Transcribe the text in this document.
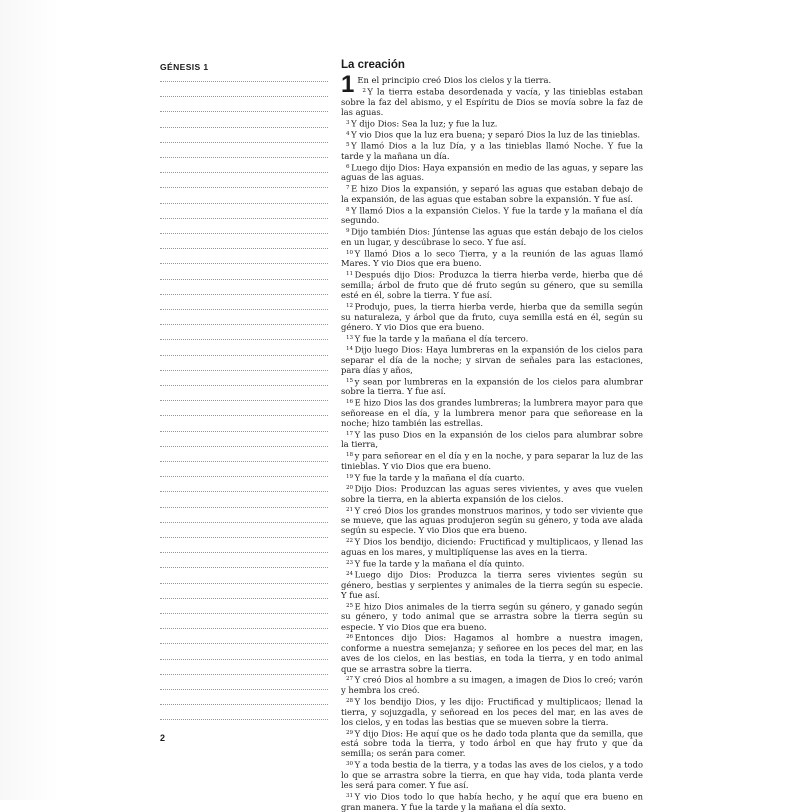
GÉNESIS 1	La creación

1 En el principio creó Dios los cielos y la tierra.

$^2$ Y la tierra estaba desordenada y vacía, y las tinieblas estaban sobre la faz del abismo, y el Espíritu de Dios se movía sobre la faz de las aguas.

$^3$ Y dijo Dios: Sea la luz; y fue la luz.

$^4$ Y vio Dios que la luz era buena; y separó Dios la luz de las tinieblas.

$^5$ Y llamó Dios a la luz Día, y a las tinieblas llamó Noche. Y fue la tarde y la mañana un día.

$^6$ Luego dijo Dios: Haya expansión en medio de las aguas, y separe las aguas de las aguas.

$^7$ E hizo Dios la expansión, y separó las aguas que estaban debajo de la expansión, de las aguas que estaban sobre la expansión. Y fue así.

$^8$ Y llamó Dios a la expansión Cielos. Y fue la tarde y la mañana el día segundo.

$^9$ Dijo también Dios: Júntense las aguas que están debajo de los cielos en un lugar, y descúbrase lo seco. Y fue así.

$^{10}$ Y llamó Dios a lo seco Tierra, y a la reunión de las aguas llamó Mares. Y vio Dios que era bueno.

$^{11}$ Después dijo Dios: Produzca la tierra hierba verde, hierba que dé semilla; árbol de fruto que dé fruto según su género, que su semilla esté en él, sobre la tierra. Y fue así.

$^{12}$ Produjo, pues, la tierra hierba verde, hierba que da semilla según su naturaleza, y árbol que da fruto, cuya semilla está en él, según su género. Y vio Dios que era bueno.

$^{13}$ Y fue la tarde y la mañana el día tercero.

$^{14}$ Dijo luego Dios: Haya lumbreras en la expansión de los cielos para separar el día de la noche; y sirvan de señales para las estaciones, para días y años,

$^{15}$ y sean por lumbreras en la expansión de los cielos para alumbrar sobre la tierra. Y fue así.

$^{16}$ E hizo Dios las dos grandes lumbreras; la lumbrera mayor para que señorease en el día, y la lumbrera menor para que señorease en la noche; hizo también las estrellas.

$^{17}$ Y las puso Dios en la expansión de los cielos para alumbrar sobre la tierra,

$^{18}$ y para señorear en el día y en la noche, y para separar la luz de las tinieblas. Y vio Dios que era bueno.

$^{19}$ Y fue la tarde y la mañana el día cuarto.

$^{20}$ Dijo Dios: Produzcan las aguas seres vivientes, y aves que vuelen sobre la tierra, en la abierta expansión de los cielos.

$^{21}$ Y creó Dios los grandes monstruos marinos, y todo ser viviente que se mueve, que las aguas produjeron según su género, y toda ave alada según su especie. Y vio Dios que era bueno.

$^{22}$ Y Dios los bendijo, diciendo: Fructificad y multiplicaos, y llenad las aguas en los mares, y multiplíquense las aves en la tierra.

$^{23}$ Y fue la tarde y la mañana el día quinto.

$^{24}$ Luego dijo Dios: Produzca la tierra seres vivientes según su género, bestias y serpientes y animales de la tierra según su especie. Y fue así.

$^{25}$ E hizo Dios animales de la tierra según su género, y ganado según su género, y todo animal que se arrastra sobre la tierra según su especie. Y vio Dios que era bueno.

$^{26}$ Entonces dijo Dios: Hagamos al hombre a nuestra imagen, conforme a nuestra semejanza; y señoree en los peces del mar, en las aves de los cielos, en las bestias, en toda la tierra, y en todo animal que se arrastra sobre la tierra.

$^{27}$ Y creó Dios al hombre a su imagen, a imagen de Dios lo creó; varón y hembra los creó.

$^{28}$ Y los bendijo Dios, y les dijo: Fructificad y multiplicaos; llenad la tierra, y sojuzgadla, y señoread en los peces del mar, en las aves de los cielos, y en todas las bestias que se mueven sobre la tierra.

$^{29}$ Y dijo Dios: He aquí que os he dado toda planta que da semilla, que está sobre toda la tierra, y todo árbol en que hay fruto y que da semilla; os serán para comer.

$^{30}$ Y a toda bestia de la tierra, y a todas las aves de los cielos, y a todo lo que se arrastra sobre la tierra, en que hay vida, toda planta verde les será para comer. Y fue así.

$^{31}$ Y vio Dios todo lo que había hecho, y he aquí que era bueno en gran manera. Y fue la tarde y la mañana el día sexto.

2
